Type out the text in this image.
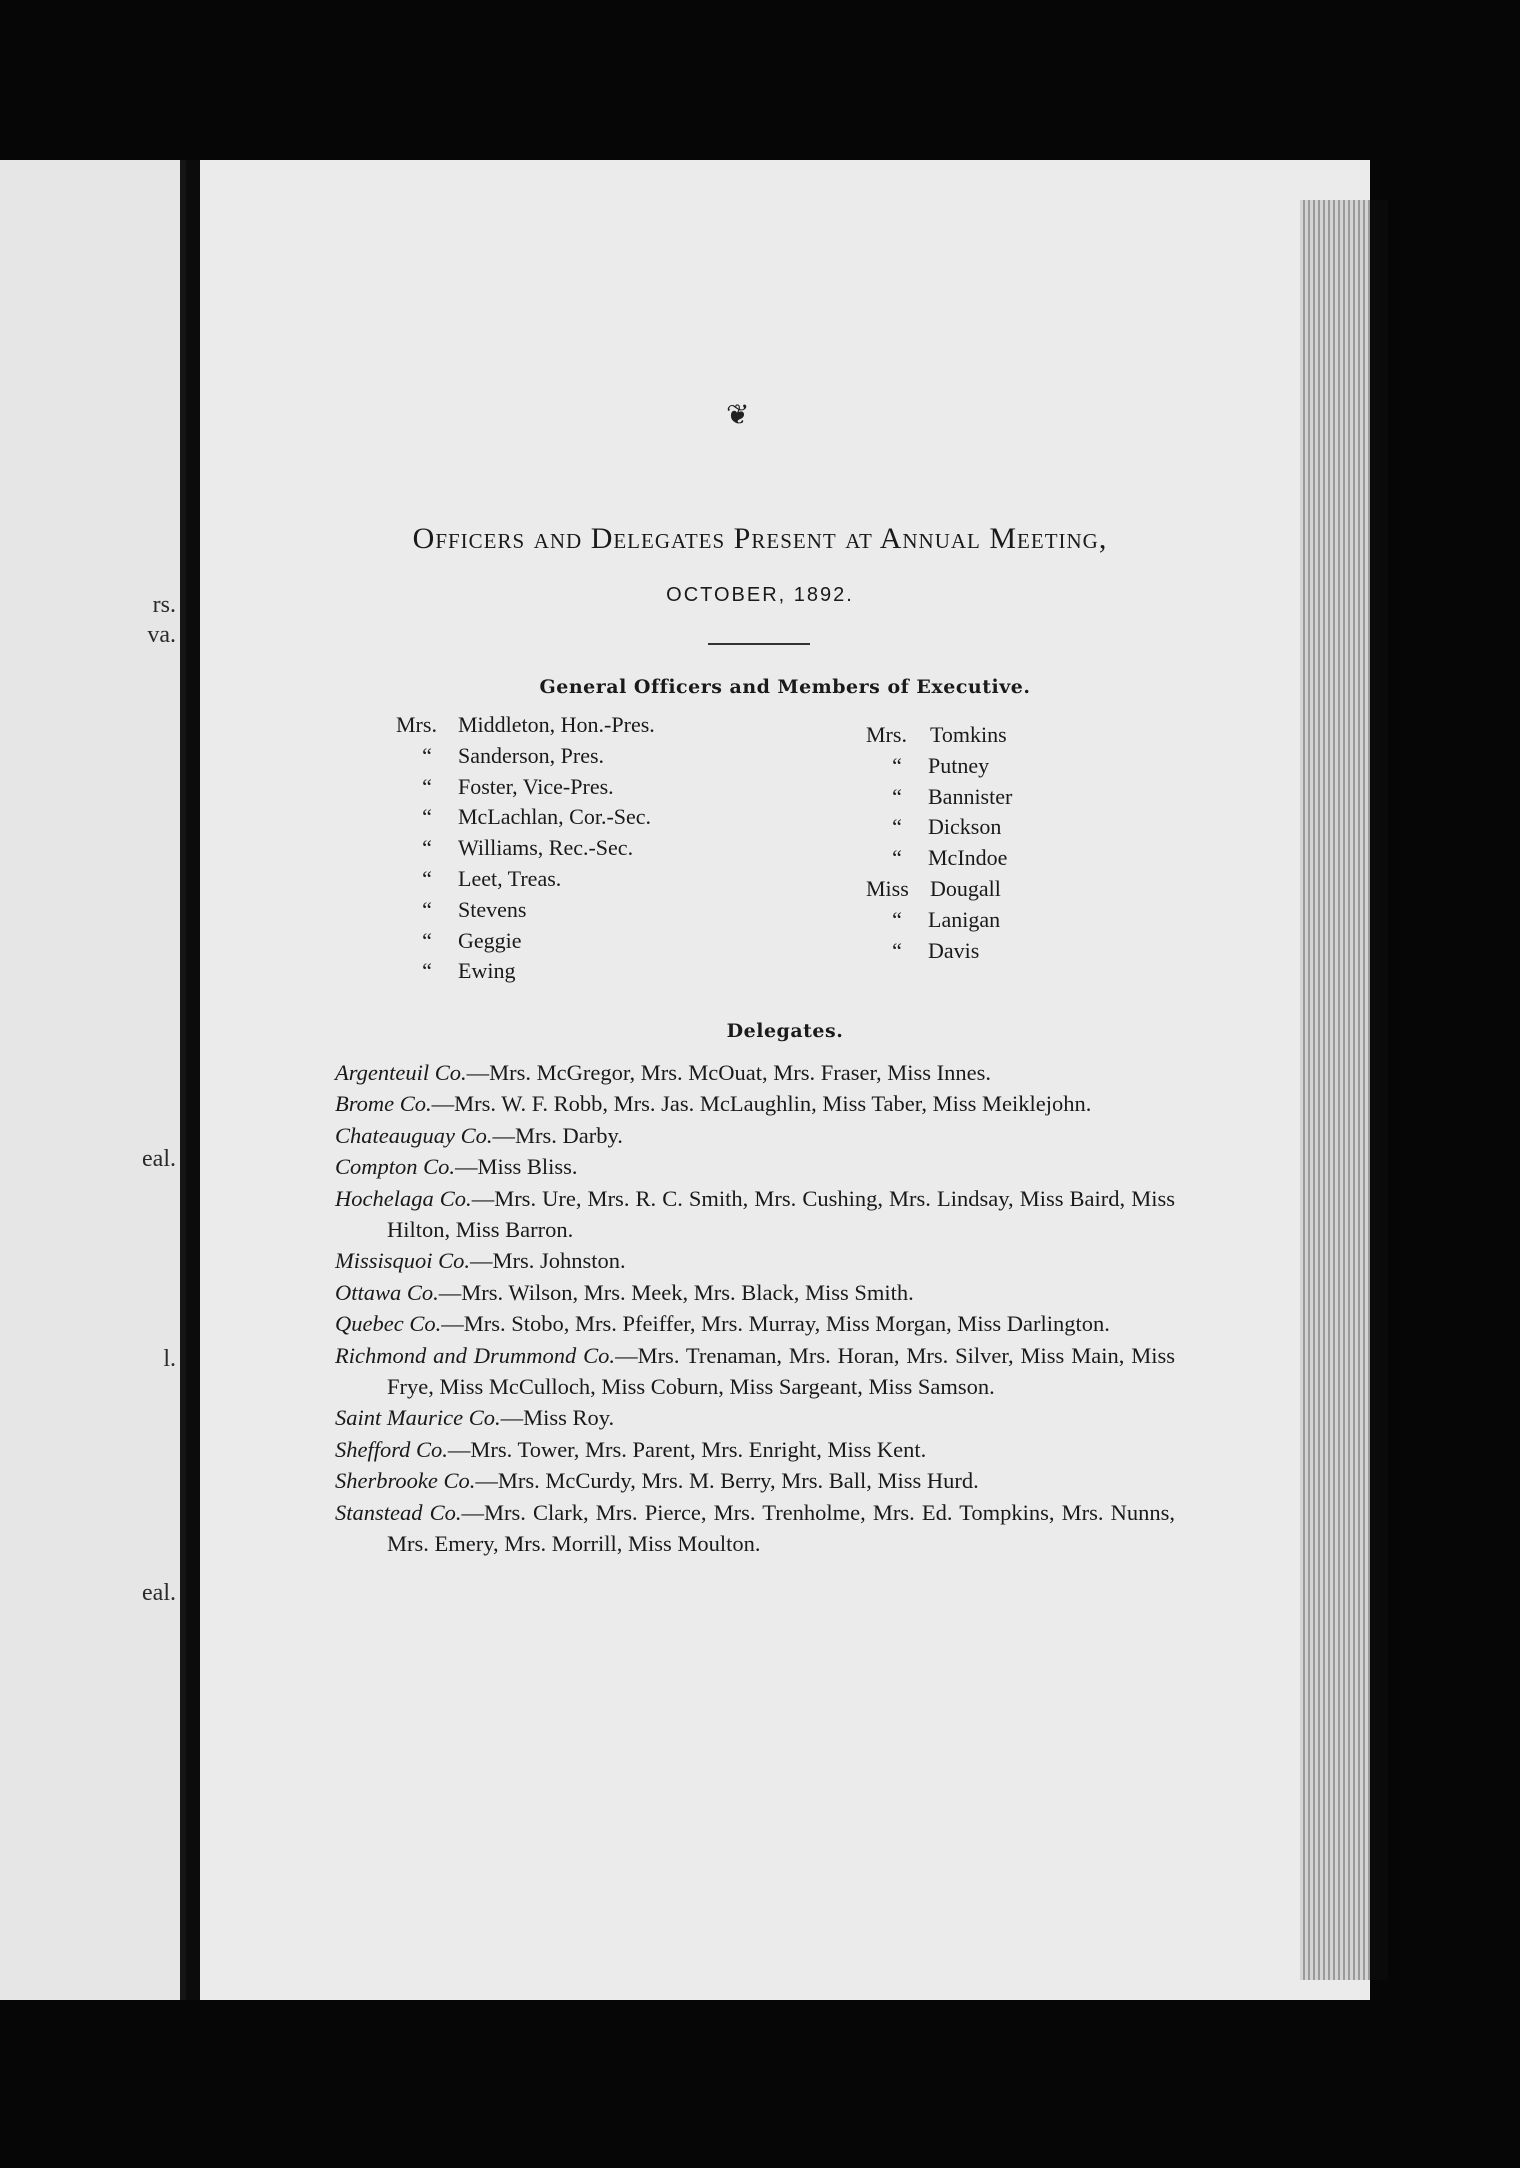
rs.
va.
eal.
l.
eal.
❦
Officers and Delegates Present at Annual Meeting,
OCTOBER, 1892.
General Officers and Members of Executive.
Mrs. Middleton, Hon.-Pres.
“ Sanderson, Pres.
“ Foster, Vice-Pres.
“ McLachlan, Cor.-Sec.
“ Williams, Rec.-Sec.
“ Leet, Treas.
“ Stevens
“ Geggie
“ Ewing
Mrs. Tomkins
“ Putney
“ Bannister
“ Dickson
“ McIndoe
Miss Dougall
“ Lanigan
“ Davis
Delegates.
Argenteuil Co.—Mrs. McGregor, Mrs. McOuat, Mrs. Fraser, Miss Innes.
Brome Co.—Mrs. W. F. Robb, Mrs. Jas. McLaughlin, Miss Taber, Miss Meiklejohn.
Chateauguay Co.—Mrs. Darby.
Compton Co.—Miss Bliss.
Hochelaga Co.—Mrs. Ure, Mrs. R. C. Smith, Mrs. Cushing, Mrs. Lindsay, Miss Baird, Miss Hilton, Miss Barron.
Missisquoi Co.—Mrs. Johnston.
Ottawa Co.—Mrs. Wilson, Mrs. Meek, Mrs. Black, Miss Smith.
Quebec Co.—Mrs. Stobo, Mrs. Pfeiffer, Mrs. Murray, Miss Morgan, Miss Darlington.
Richmond and Drummond Co.—Mrs. Trenaman, Mrs. Horan, Mrs. Silver, Miss Main, Miss Frye, Miss McCulloch, Miss Coburn, Miss Sargeant, Miss Samson.
Saint Maurice Co.—Miss Roy.
Shefford Co.—Mrs. Tower, Mrs. Parent, Mrs. Enright, Miss Kent.
Sherbrooke Co.—Mrs. McCurdy, Mrs. M. Berry, Mrs. Ball, Miss Hurd.
Stanstead Co.—Mrs. Clark, Mrs. Pierce, Mrs. Trenholme, Mrs. Ed. Tompkins, Mrs. Nunns, Mrs. Emery, Mrs. Morrill, Miss Moulton.
